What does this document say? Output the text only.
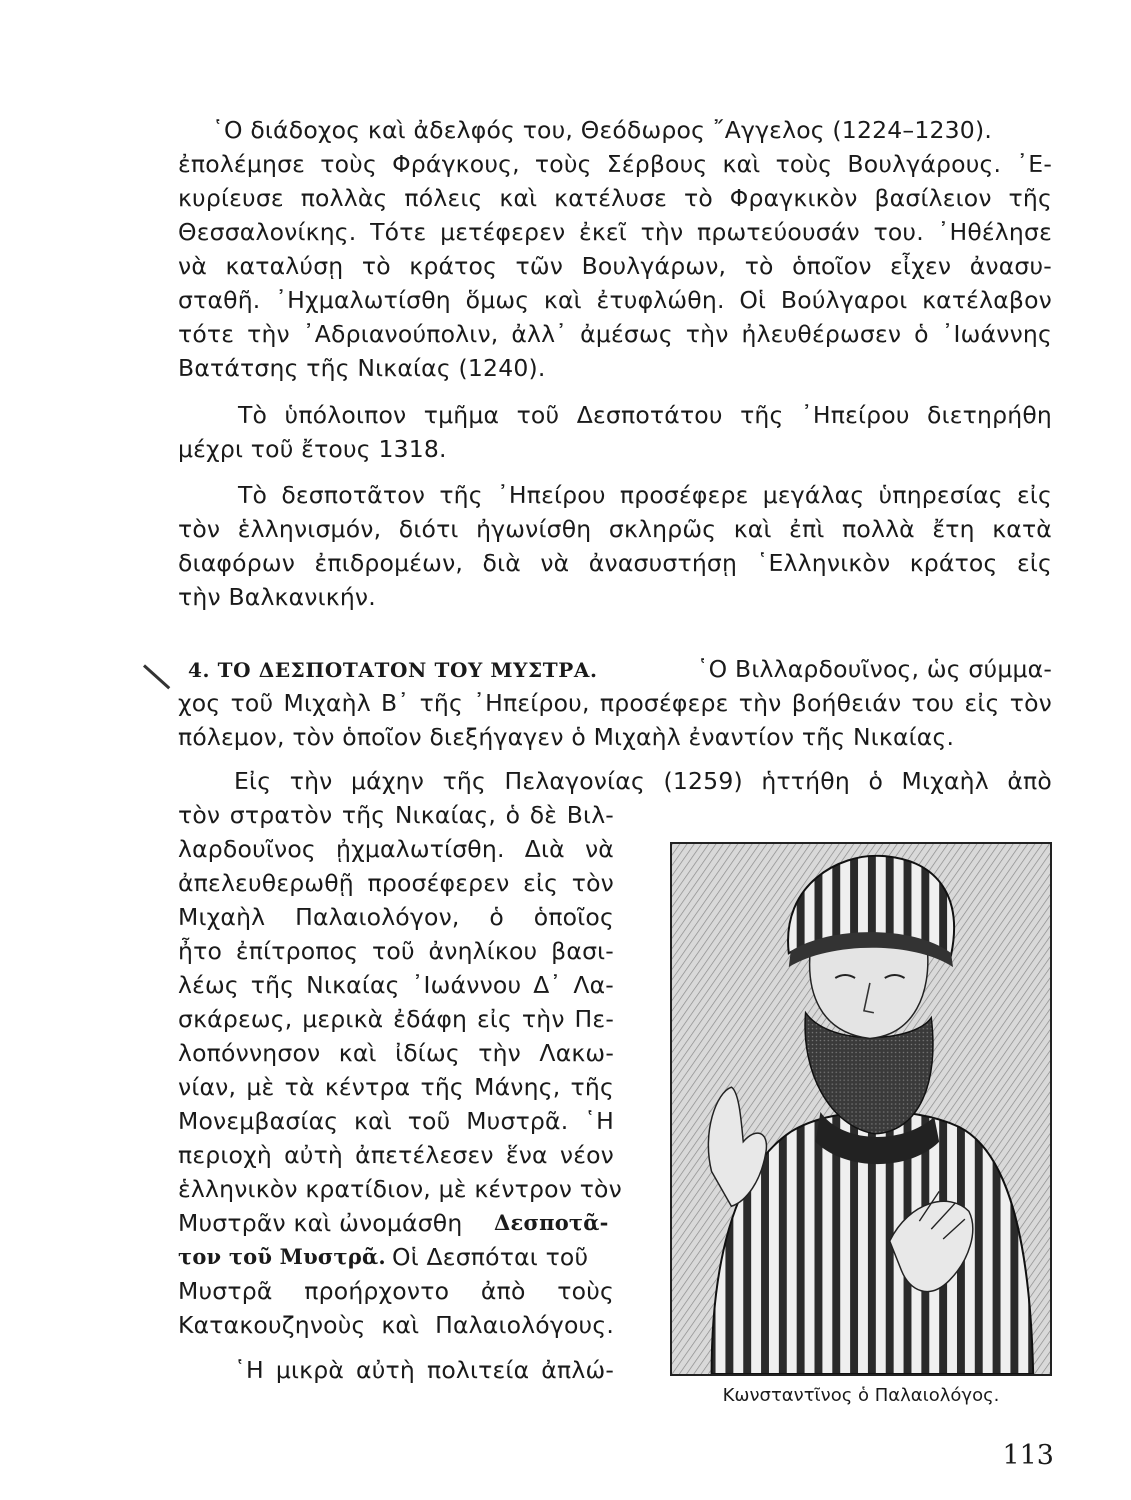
῾Ο διάδοχος καὶ ἀδελφός του, Θεόδωρος ῎Αγγελος (1224–1230).
ἐπολέμησε τοὺς Φράγκους, τοὺς Σέρβους καὶ τοὺς Βουλγάρους. ᾿Ε-
κυρίευσε πολλὰς πόλεις καὶ κατέλυσε τὸ Φραγκικὸν βασίλειον τῆς
Θεσσαλονίκης. Τότε μετέφερεν ἐκεῖ τὴν πρωτεύουσάν του. ᾿Ηθέλησε
νὰ καταλύσῃ τὸ κράτος τῶν Βουλγάρων, τὸ ὁποῖον εἶχεν ἀνασυ-
σταθῆ. ᾿Ηχμαλωτίσθη ὅμως καὶ ἐτυφλώθη. Οἱ Βούλγαροι κατέλαβον
τότε τὴν ᾿Αδριανούπολιν, ἀλλ᾿ ἀμέσως τὴν ἠλευθέρωσεν ὁ ᾿Ιωάννης
Βατάτσης τῆς Νικαίας (1240).
Τὸ ὑπόλοιπον τμῆμα τοῦ Δεσποτάτου τῆς ᾿Ηπείρου διετηρήθη
μέχρι τοῦ ἔτους 1318.
Τὸ δεσποτᾶτον τῆς ᾿Ηπείρου προσέφερε μεγάλας ὑπηρεσίας εἰς
τὸν ἑλληνισμόν, διότι ἠγωνίσθη σκληρῶς καὶ ἐπὶ πολλὰ ἔτη κατὰ
διαφόρων ἐπιδρομέων, διὰ νὰ ἀνασυστήσῃ ῾Ελληνικὸν κράτος εἰς
τὴν Βαλκανικήν.
4. ΤΟ ΔΕΣΠΟΤΑΤΟΝ ΤΟΥ ΜΥΣΤΡΑ.	῾Ο Βιλλαρδουῖνος, ὡς σύμμα-
χος τοῦ Μιχαὴλ Β᾿ τῆς ᾿Ηπείρου, προσέφερε τὴν βοήθειάν του εἰς τὸν
πόλεμον, τὸν ὁποῖον διεξήγαγεν ὁ Μιχαὴλ ἐναντίον τῆς Νικαίας.
Εἰς τὴν μάχην τῆς Πελαγονίας (1259) ἡττήθη ὁ Μιχαὴλ ἀπὸ
τὸν στρατὸν τῆς Νικαίας, ὁ δὲ Βιλ-
λαρδουῖνος ᾐχμαλωτίσθη. Διὰ νὰ
ἀπελευθερωθῇ προσέφερεν εἰς τὸν
Μιχαὴλ Παλαιολόγον, ὁ ὁποῖος
ἦτο ἐπίτροπος τοῦ ἀνηλίκου βασι-
λέως τῆς Νικαίας ᾿Ιωάννου Δ᾿ Λα-
σκάρεως, μερικὰ ἐδάφη εἰς τὴν Πε-
λοπόννησον καὶ ἰδίως τὴν Λακω-
νίαν, μὲ τὰ κέντρα τῆς Μάνης, τῆς
Μονεμβασίας καὶ τοῦ Μυστρᾶ. ῾Η
περιοχὴ αὐτὴ ἀπετέλεσεν ἕνα νέον
ἑλληνικὸν κρατίδιον, μὲ κέντρον τὸν
Μυστρᾶν καὶ ὠνομάσθη Δεσποτᾶ-
τον τοῦ Μυστρᾶ. Οἱ Δεσπόται τοῦ
Μυστρᾶ προήρχοντο ἀπὸ τοὺς
Κατακουζηνοὺς καὶ Παλαιολόγους.
῾Η μικρὰ αὐτὴ πολιτεία ἀπλώ-
Κωνσταντῖνος ὁ Παλαιολόγος.
113
